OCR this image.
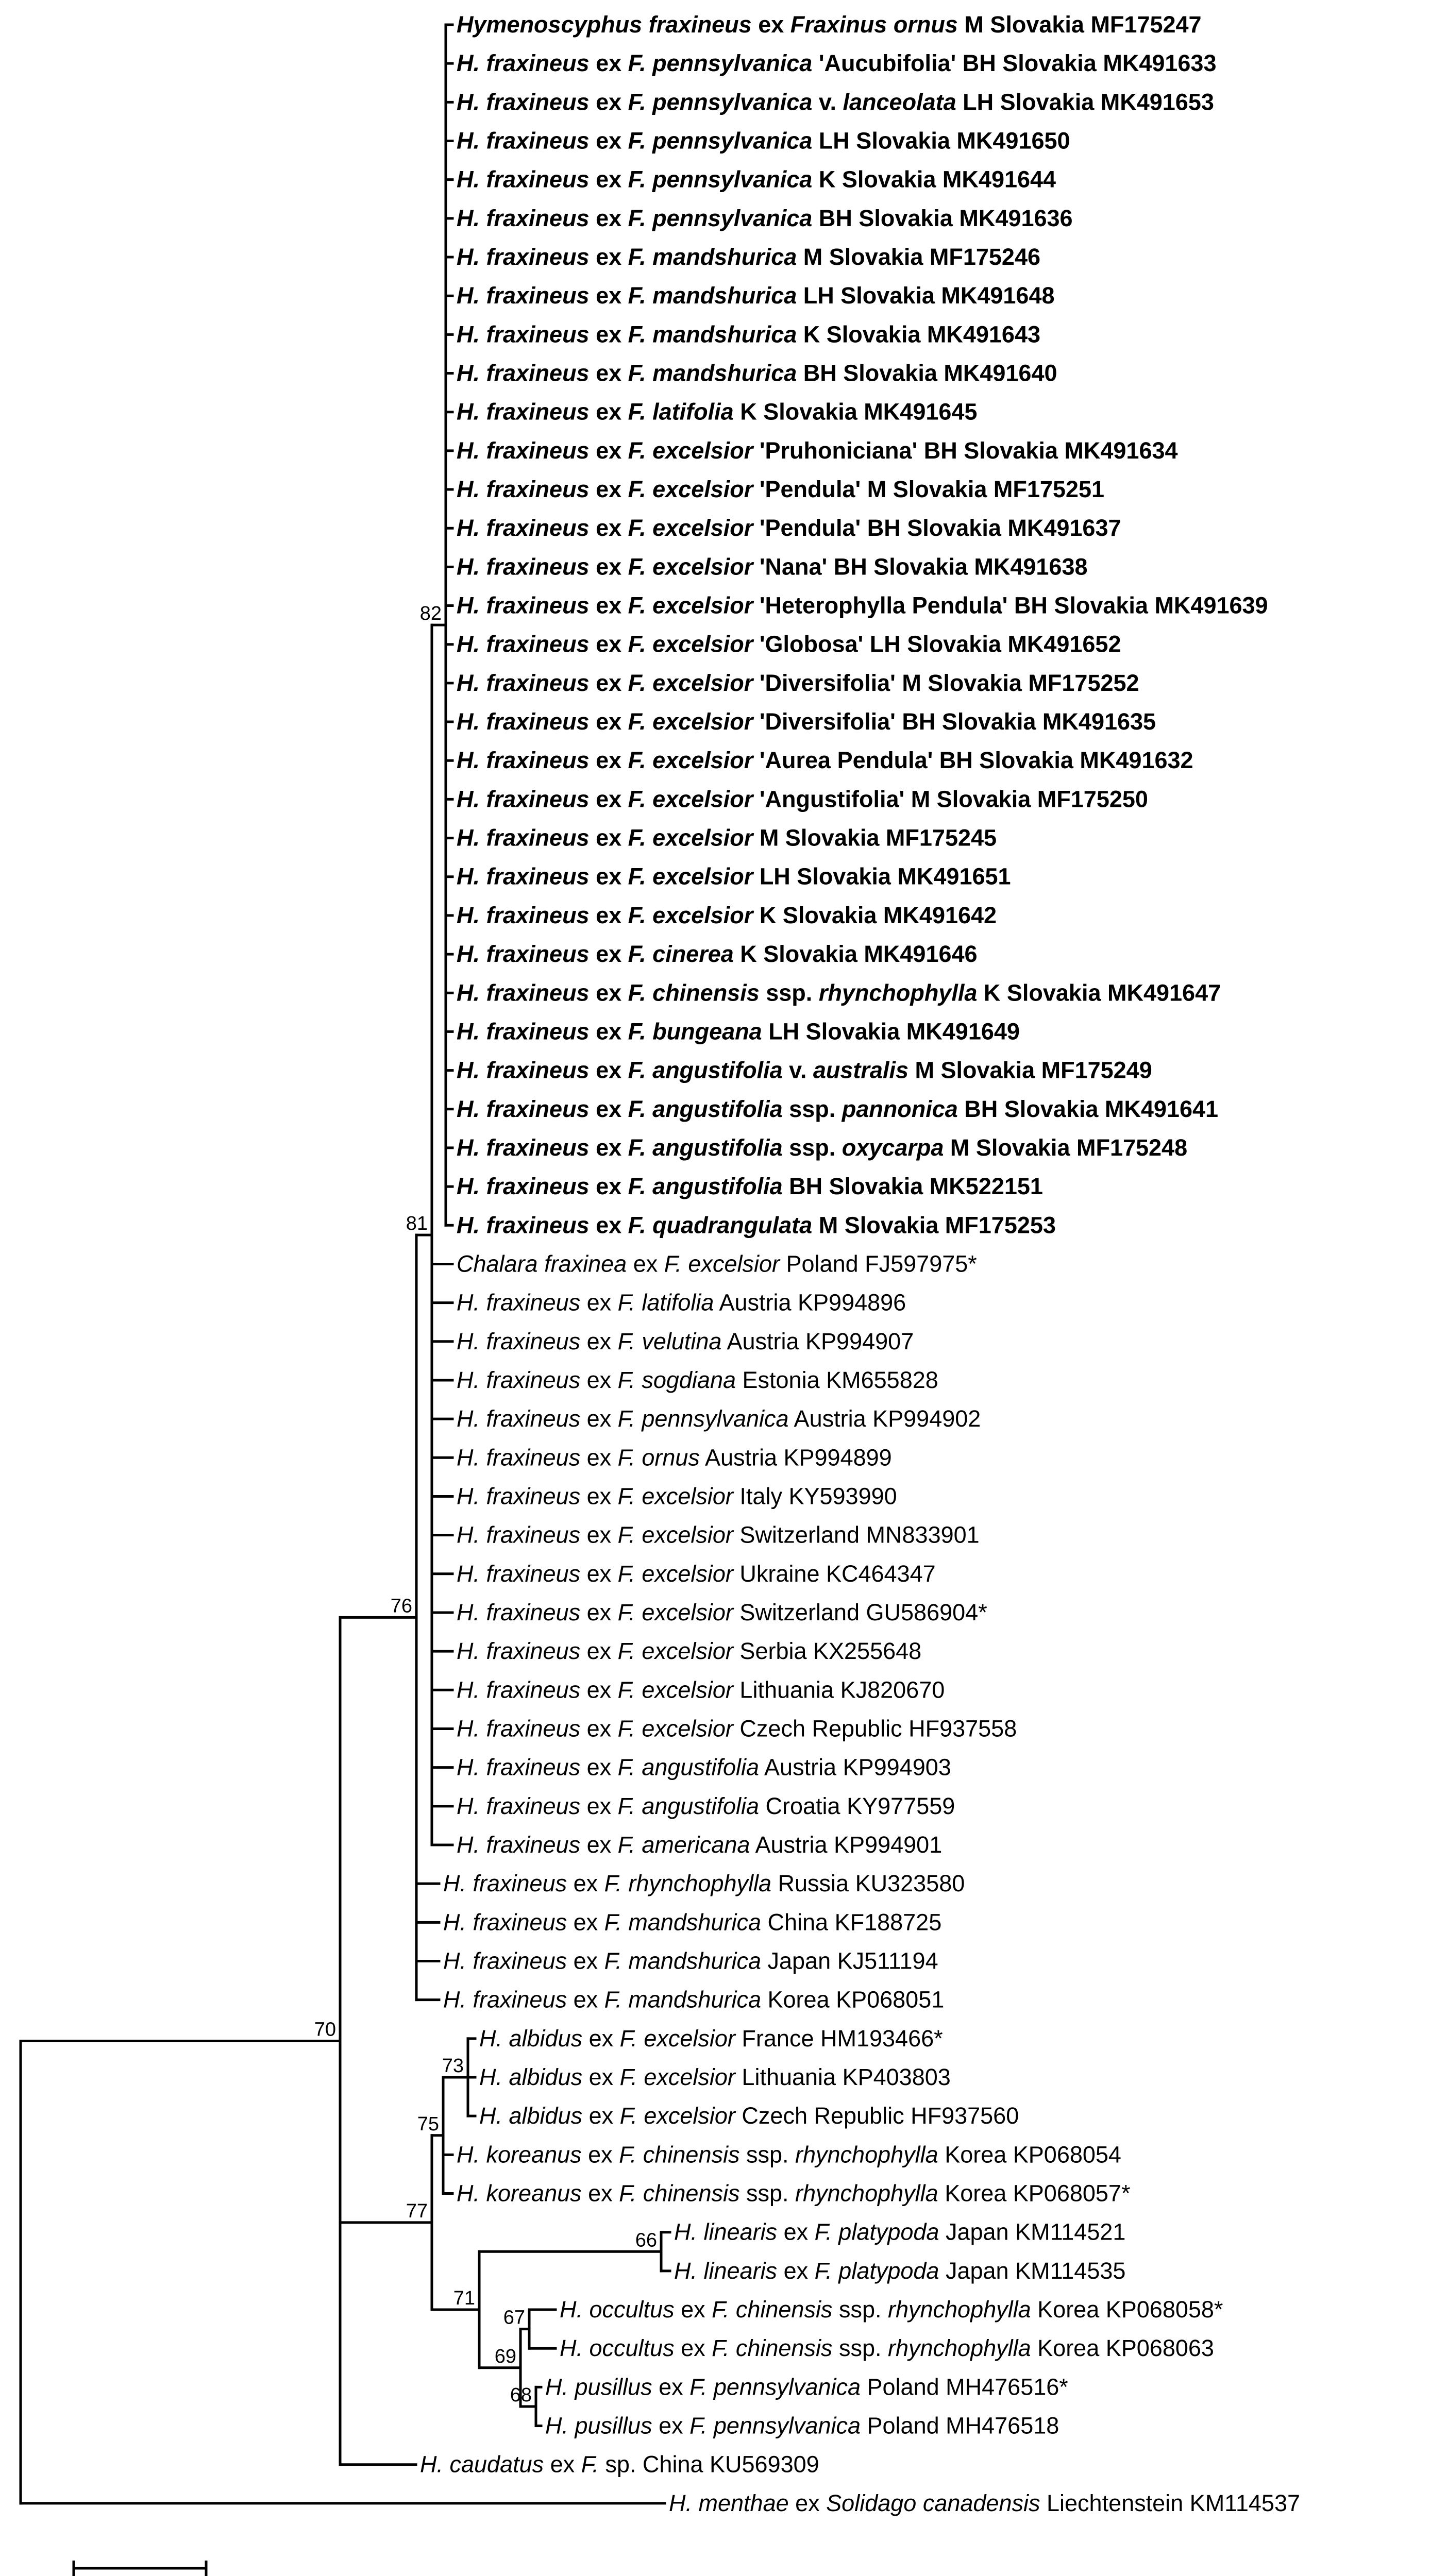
Hymenoscyphus fraxineus ex Fraxinus ornus M Slovakia MF175247
H. fraxineus ex F. pennsylvanica 'Aucubifolia' BH Slovakia MK491633
H. fraxineus ex F. pennsylvanica v. lanceolata LH Slovakia MK491653
H. fraxineus ex F. pennsylvanica LH Slovakia MK491650
H. fraxineus ex F. pennsylvanica K Slovakia MK491644
H. fraxineus ex F. pennsylvanica BH Slovakia MK491636
H. fraxineus ex F. mandshurica M Slovakia MF175246
H. fraxineus ex F. mandshurica LH Slovakia MK491648
H. fraxineus ex F. mandshurica K Slovakia MK491643
H. fraxineus ex F. mandshurica BH Slovakia MK491640
H. fraxineus ex F. latifolia K Slovakia MK491645
H. fraxineus ex F. excelsior 'Pruhoniciana' BH Slovakia MK491634
H. fraxineus ex F. excelsior 'Pendula' M Slovakia MF175251
H. fraxineus ex F. excelsior 'Pendula' BH Slovakia MK491637
H. fraxineus ex F. excelsior 'Nana' BH Slovakia MK491638
H. fraxineus ex F. excelsior 'Heterophylla Pendula' BH Slovakia MK491639
H. fraxineus ex F. excelsior 'Globosa' LH Slovakia MK491652
H. fraxineus ex F. excelsior 'Diversifolia' M Slovakia MF175252
H. fraxineus ex F. excelsior 'Diversifolia' BH Slovakia MK491635
H. fraxineus ex F. excelsior 'Aurea Pendula' BH Slovakia MK491632
H. fraxineus ex F. excelsior 'Angustifolia' M Slovakia MF175250
H. fraxineus ex F. excelsior M Slovakia MF175245
H. fraxineus ex F. excelsior LH Slovakia MK491651
H. fraxineus ex F. excelsior K Slovakia MK491642
H. fraxineus ex F. cinerea K Slovakia MK491646
H. fraxineus ex F. chinensis ssp. rhynchophylla K Slovakia MK491647
H. fraxineus ex F. bungeana LH Slovakia MK491649
H. fraxineus ex F. angustifolia v. australis M Slovakia MF175249
H. fraxineus ex F. angustifolia ssp. pannonica BH Slovakia MK491641
H. fraxineus ex F. angustifolia ssp. oxycarpa M Slovakia MF175248
H. fraxineus ex F. angustifolia BH Slovakia MK522151
H. fraxineus ex F. quadrangulata M Slovakia MF175253
Chalara fraxinea ex F. excelsior Poland FJ597975*
H. fraxineus ex F. latifolia Austria KP994896
H. fraxineus ex F. velutina Austria KP994907
H. fraxineus ex F. sogdiana Estonia KM655828
H. fraxineus ex F. pennsylvanica Austria KP994902
H. fraxineus ex F. ornus Austria KP994899
H. fraxineus ex F. excelsior Italy KY593990
H. fraxineus ex F. excelsior Switzerland MN833901
H. fraxineus ex F. excelsior Ukraine KC464347
H. fraxineus ex F. excelsior Switzerland GU586904*
H. fraxineus ex F. excelsior Serbia KX255648
H. fraxineus ex F. excelsior Lithuania KJ820670
H. fraxineus ex F. excelsior Czech Republic HF937558
H. fraxineus ex F. angustifolia Austria KP994903
H. fraxineus ex F. angustifolia Croatia KY977559
H. fraxineus ex F. americana Austria KP994901
H. fraxineus ex F. rhynchophylla Russia KU323580
H. fraxineus ex F. mandshurica China KF188725
H. fraxineus ex F. mandshurica Japan KJ511194
H. fraxineus ex F. mandshurica Korea KP068051
H. albidus ex F. excelsior France HM193466*
H. albidus ex F. excelsior Lithuania KP403803
H. albidus ex F. excelsior Czech Republic HF937560
H. koreanus ex F. chinensis ssp. rhynchophylla Korea KP068054
H. koreanus ex F. chinensis ssp. rhynchophylla Korea KP068057*
H. linearis ex F. platypoda Japan KM114521
H. linearis ex F. platypoda Japan KM114535
H. occultus ex F. chinensis ssp. rhynchophylla Korea KP068058*
H. occultus ex F. chinensis ssp. rhynchophylla Korea KP068063
H. pusillus ex F. pennsylvanica Poland MH476516*
H. pusillus ex F. pennsylvanica Poland MH476518
H. caudatus ex F. sp. China KU569309
H. menthae ex Solidago canadensis Liechtenstein KM114537
70
76
81
82
77
75
73
71
66
67
69
68
